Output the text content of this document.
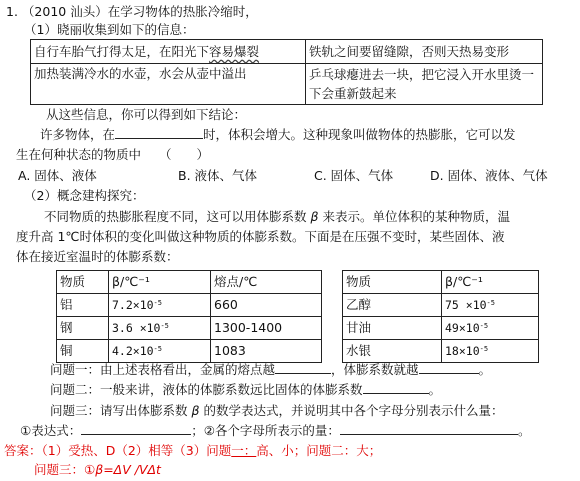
1. （2010 汕头）在学习物体的热胀冷缩时，
（1）晓丽收集到如下的信息：
自行车胎气打得太足，在阳光下容易爆裂	铁轨之间要留缝隙，否则天热易变形
加热装满冷水的水壶，水会从壶中溢出	乒乓球瘪进去一块，把它浸入开水里烫一下会重新鼓起来
从这些信息，你可以得到如下结论：
许多物体，在	时，体积会增大。这种现象叫做物体的热膨胀，它可以发
生在何种状态的物质中 （　　）
A. 固体、液体	B. 液体、气体	C. 固体、气体	D. 固体、液体、气体
（2）概念建构探究：
不同物质的热膨胀程度不同，这可以用体膨系数 β 来表示。单位体积的某种物质，温
度升高 1℃时体积的变化叫做这种物质的体膨系数。下面是在压强不变时，某些固体、液
体在接近室温时的体膨系数：
物质	β/℃⁻¹	熔点/℃
铝	$7.2\times 10^{-5}$	660
钢	$3.6 \times 10^{-5}$	1300-1400
铜	$4.2\times 10^{-5}$	1083
物质	β/℃⁻¹
乙醇	$75 \times 10^{-5}$
甘油	$49\times 10^{-5}$
水银	$18\times 10^{-5}$
问题一：由上述表格看出，金属的熔点越	，体膨系数就越	。
问题二：一般来讲，液体的体膨系数远比固体的体膨系数	。
问题三：请写出体膨系数 β 的数学表达式，并说明其中各个字母分别表示什么量：
①表达式：	；②各个字母所表示的量：	。
答案：（1）受热、D（2）相等（3）问题一：高、小；问题二：大；
问题三：①β=ΔV /VΔt
